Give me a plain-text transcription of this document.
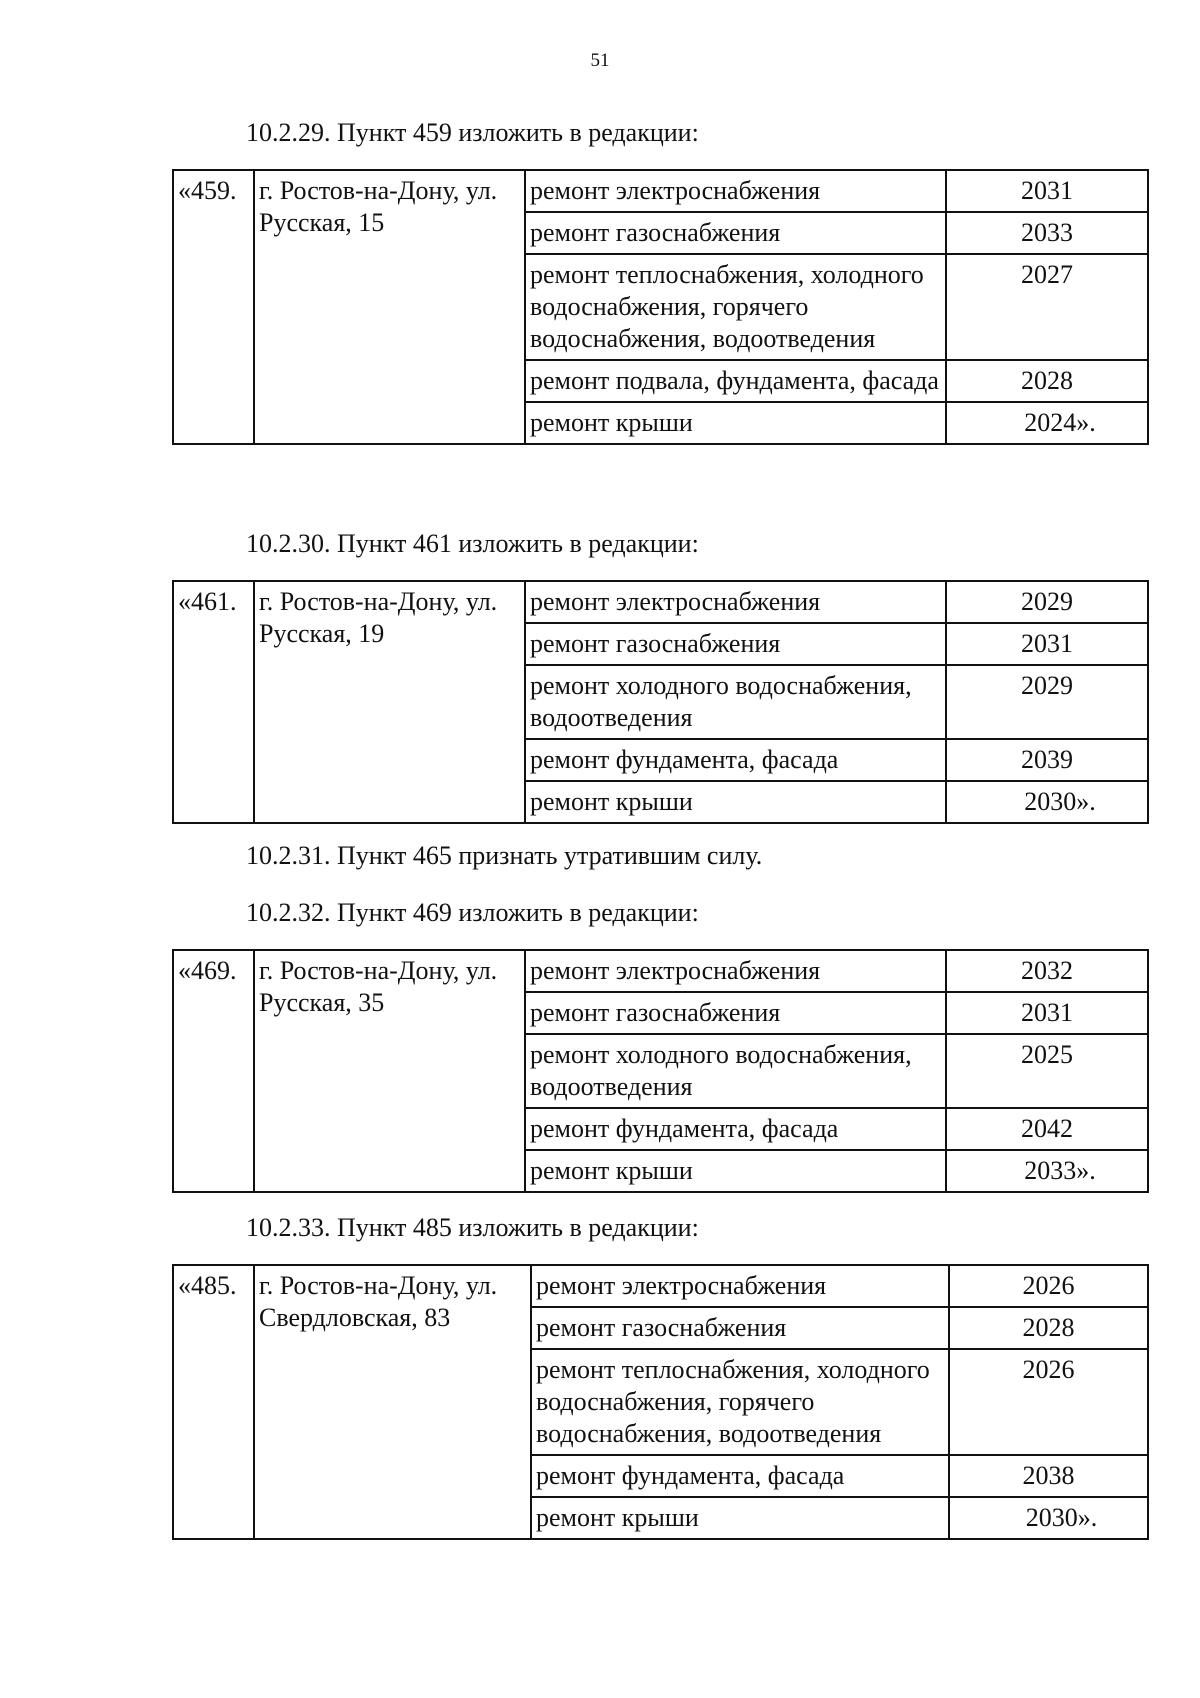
51
10.2.29. Пункт 459 изложить в редакции:
«459.	г. Ростов-на-Дону, ул. Русская, 15	ремонт электроснабжения	2031
		ремонт газоснабжения	2033
		ремонт теплоснабжения, холодного водоснабжения, горячего водоснабжения, водоотведения	2027
		ремонт подвала, фундамента, фасада	2028
		ремонт крыши	2024».
10.2.30. Пункт 461 изложить в редакции:
«461.	г. Ростов-на-Дону, ул. Русская, 19	ремонт электроснабжения	2029
		ремонт газоснабжения	2031
		ремонт холодного водоснабжения, водоотведения	2029
		ремонт фундамента, фасада	2039
		ремонт крыши	2030».
10.2.31. Пункт 465 признать утратившим силу.
10.2.32. Пункт 469 изложить в редакции:
«469.	г. Ростов-на-Дону, ул. Русская, 35	ремонт электроснабжения	2032
		ремонт газоснабжения	2031
		ремонт холодного водоснабжения, водоотведения	2025
		ремонт фундамента, фасада	2042
		ремонт крыши	2033».
10.2.33. Пункт 485 изложить в редакции:
«485.	г. Ростов-на-Дону, ул. Свердловская, 83	ремонт электроснабжения	2026
		ремонт газоснабжения	2028
		ремонт теплоснабжения, холодного водоснабжения, горячего водоснабжения, водоотведения	2026
		ремонт фундамента, фасада	2038
		ремонт крыши	2030».
